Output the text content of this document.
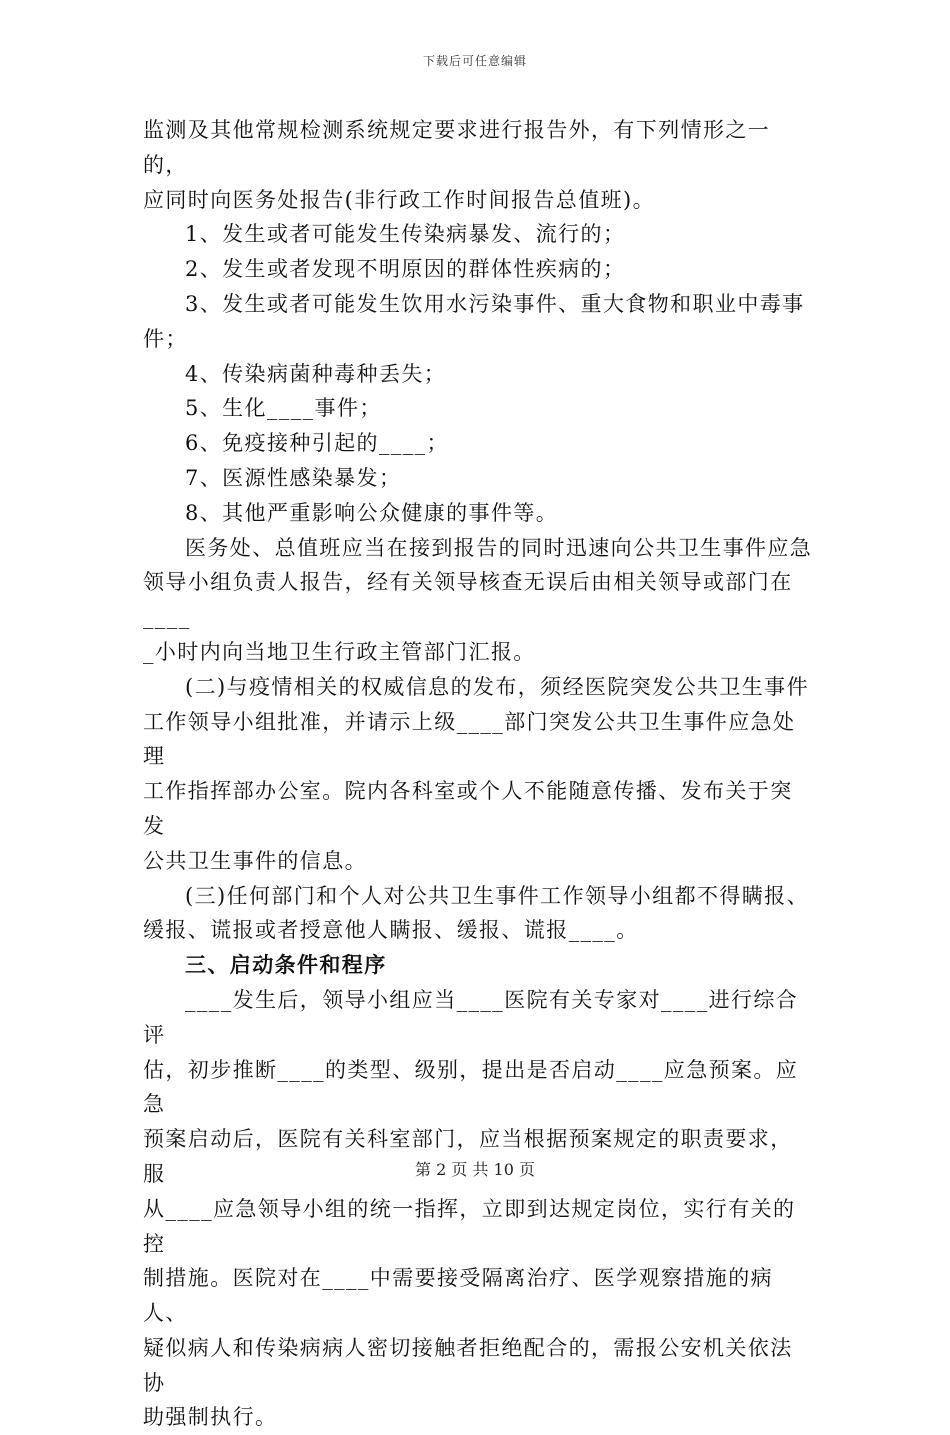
下载后可任意编辑

监测及其他常规检测系统规定要求进行报告外，有下列情形之一的，

应同时向医务处报告(非行政工作时间报告总值班)。

1、发生或者可能发生传染病暴发、流行的；

2、发生或者发现不明原因的群体性疾病的；

3、发生或者可能发生饮用水污染事件、重大食物和职业中毒事件；

4、传染病菌种毒种丢失；

5、生化____事件；

6、免疫接种引起的____；

7、医源性感染暴发；

8、其他严重影响公众健康的事件等。

医务处、总值班应当在接到报告的同时迅速向公共卫生事件应急

领导小组负责人报告，经有关领导核查无误后由相关领导或部门在____

_小时内向当地卫生行政主管部门汇报。

(二)与疫情相关的权威信息的发布，须经医院突发公共卫生事件

工作领导小组批准，并请示上级____部门突发公共卫生事件应急处理

工作指挥部办公室。院内各科室或个人不能随意传播、发布关于突发

公共卫生事件的信息。

(三)任何部门和个人对公共卫生事件工作领导小组都不得瞒报、

缓报、谎报或者授意他人瞒报、缓报、谎报____。

三、启动条件和程序

____发生后，领导小组应当____医院有关专家对____进行综合评

估，初步推断____的类型、级别，提出是否启动____应急预案。应急

预案启动后，医院有关科室部门，应当根据预案规定的职责要求，服

从____应急领导小组的统一指挥，立即到达规定岗位，实行有关的控

制措施。医院对在____中需要接受隔离治疗、医学观察措施的病人、

疑似病人和传染病病人密切接触者拒绝配合的，需报公安机关依法协

助强制执行。

第 2 页 共 10 页
